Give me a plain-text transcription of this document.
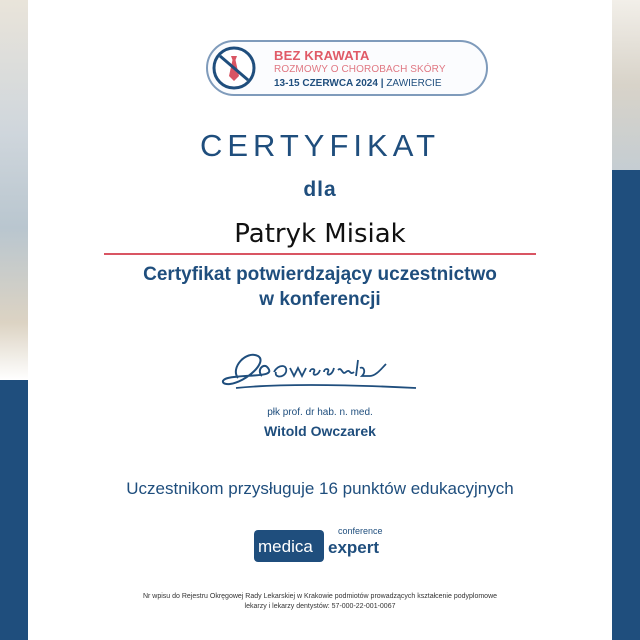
BEZ KRAWATA
ROZMOWY O CHOROBACH SKÓRY
13-15 CZERWCA 2024 | ZAWIERCIE
CERTYFIKAT
dla
Patryk Misiak
Certyfikat potwierdzający uczestnictwo
w konferencji
płk prof. dr hab. n. med.
Witold Owczarek
Uczestnikom przysługuje 16 punktów edukacyjnych
conference
medica expert
Nr wpisu do Rejestru Okręgowej Rady Lekarskiej w Krakowie podmiot‌ów prowadzących kształcenie podyplomowe
lekarzy i lekarzy dentystów: 57-000-22-001-0067
